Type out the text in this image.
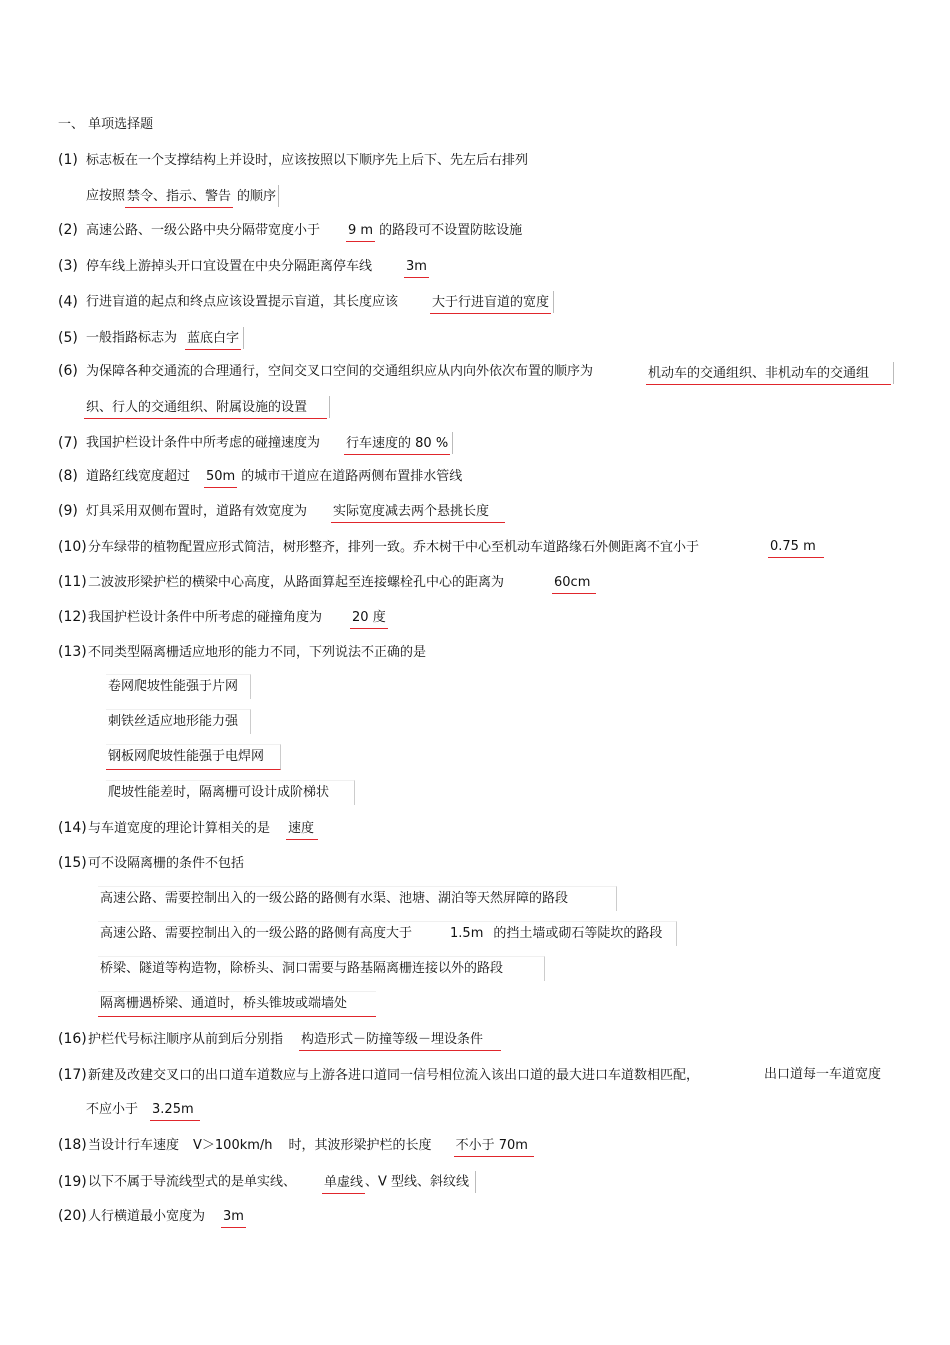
一、 单项选择题
(1) 标志板在一个支撑结构上并设时，应该按照以下顺序先上后下、先左后右排列
应按照 禁令、指示、警告 的顺序
(2) 高速公路、一级公路中央分隔带宽度小于 9 m 的路段可不设置防眩设施
(3) 停车线上游掉头开口宜设置在中央分隔距离停车线	3m
(4) 行进盲道的起点和终点应该设置提示盲道，其长度应该	大于行进盲道的宽度
(5) 一般指路标志为 蓝底白字
(6) 为保障各种交通流的合理通行，空间交叉口空间的交通组织应从内向外依次布置的顺序为	机动车的交通组织、非机动车的交通组
织、行人的交通组织、附属设施的设置
(7) 我国护栏设计条件中所考虑的碰撞速度为 行车速度的 80 %
(8) 道路红线宽度超过 50m 的城市干道应在道路两侧布置排水管线
(9) 灯具采用双侧布置时，道路有效宽度为 实际宽度减去两个悬挑长度
(10)分车绿带的植物配置应形式简洁，树形整齐，排列一致。乔木树干中心至机动车道路缘石外侧距离不宜小于	0.75 m
(11)二波波形梁护栏的横梁中心高度，从路面算起至连接螺栓孔中心的距离为	60cm
(12)我国护栏设计条件中所考虑的碰撞角度为 20 度
(13)不同类型隔离栅适应地形的能力不同，下列说法不正确的是
卷网爬坡性能强于片网
刺铁丝适应地形能力强
钢板网爬坡性能强于电焊网
爬坡性能差时，隔离栅可设计成阶梯状
(14)与车道宽度的理论计算相关的是 速度
(15)可不设隔离栅的条件不包括
高速公路、需要控制出入的一级公路的路侧有水渠、池塘、湖泊等天然屏障的路段
高速公路、需要控制出入的一级公路的路侧有高度大于	1.5m 的挡土墙或砌石等陡坎的路段
桥梁、隧道等构造物，除桥头、洞口需要与路基隔离栅连接以外的路段
隔离栅遇桥梁、通道时，桥头锥坡或端墙处
(16)护栏代号标注顺序从前到后分别指 构造形式－防撞等级－埋设条件
(17)新建及改建交叉口的出口道车道数应与上游各进口道同一信号相位流入该出口道的最大进口车道数相匹配，	出口道每一车道宽度
不应小于 3.25m
(18)当设计行车速度 V＞100km/h 时，其波形梁护栏的长度 不小于 70m
(19)以下不属于导流线型式的是单实线、 单虚线 、V 型线、斜纹线
(20)人行横道最小宽度为 3m
